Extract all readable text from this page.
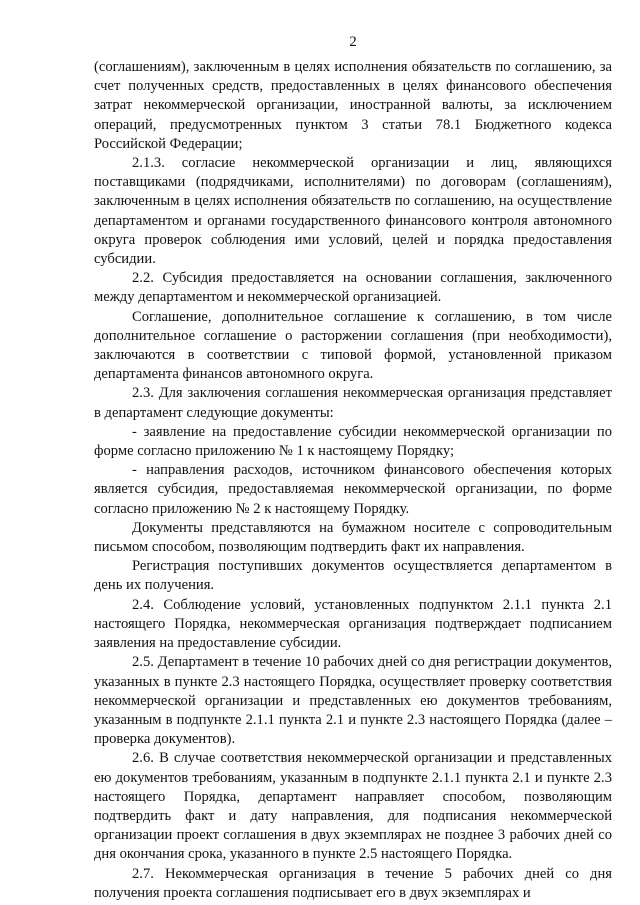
2

(соглашениям), заключенным в целях исполнения обязательств по соглашению, за счет полученных средств, предоставленных в целях финансового обеспечения затрат некоммерческой организации, иностранной валюты, за исключением операций, предусмотренных пунктом 3 статьи 78.1 Бюджетного кодекса Российской Федерации;

2.1.3. согласие некоммерческой организации и лиц, являющихся поставщиками (подрядчиками, исполнителями) по договорам (соглашениям), заключенным в целях исполнения обязательств по соглашению, на осуществление департаментом и органами государственного финансового контроля автономного округа проверок соблюдения ими условий, целей и порядка предоставления субсидии.

2.2. Субсидия предоставляется на основании соглашения, заключенного между департаментом и некоммерческой организацией.

Соглашение, дополнительное соглашение к соглашению, в том числе дополнительное соглашение о расторжении соглашения (при необходимости), заключаются в соответствии с типовой формой, установленной приказом департамента финансов автономного округа.

2.3. Для заключения соглашения некоммерческая организация представляет в департамент следующие документы:

- заявление на предоставление субсидии некоммерческой организации по форме согласно приложению № 1 к настоящему Порядку;

- направления расходов, источником финансового обеспечения которых является субсидия, предоставляемая некоммерческой организации, по форме согласно приложению № 2 к настоящему Порядку.

Документы представляются на бумажном носителе с сопроводительным письмом способом, позволяющим подтвердить факт их направления.

Регистрация поступивших документов осуществляется департаментом в день их получения.

2.4. Соблюдение условий, установленных подпунктом 2.1.1 пункта 2.1 настоящего Порядка, некоммерческая организация подтверждает подписанием заявления на предоставление субсидии.

2.5. Департамент в течение 10 рабочих дней со дня регистрации документов, указанных в пункте 2.3 настоящего Порядка, осуществляет проверку соответствия некоммерческой организации и представленных ею документов требованиям, указанным в подпункте 2.1.1 пункта 2.1 и пункте 2.3 настоящего Порядка (далее – проверка документов).

2.6. В случае соответствия некоммерческой организации и представленных ею документов требованиям, указанным в подпункте 2.1.1 пункта 2.1 и пункте 2.3 настоящего Порядка, департамент направляет способом, позволяющим подтвердить факт и дату направления, для подписания некоммерческой организации проект соглашения в двух экземплярах не позднее 3 рабочих дней со дня окончания срока, указанного в пункте 2.5 настоящего Порядка.

2.7. Некоммерческая организация в течение 5 рабочих дней со дня получения проекта соглашения подписывает его в двух экземплярах и
